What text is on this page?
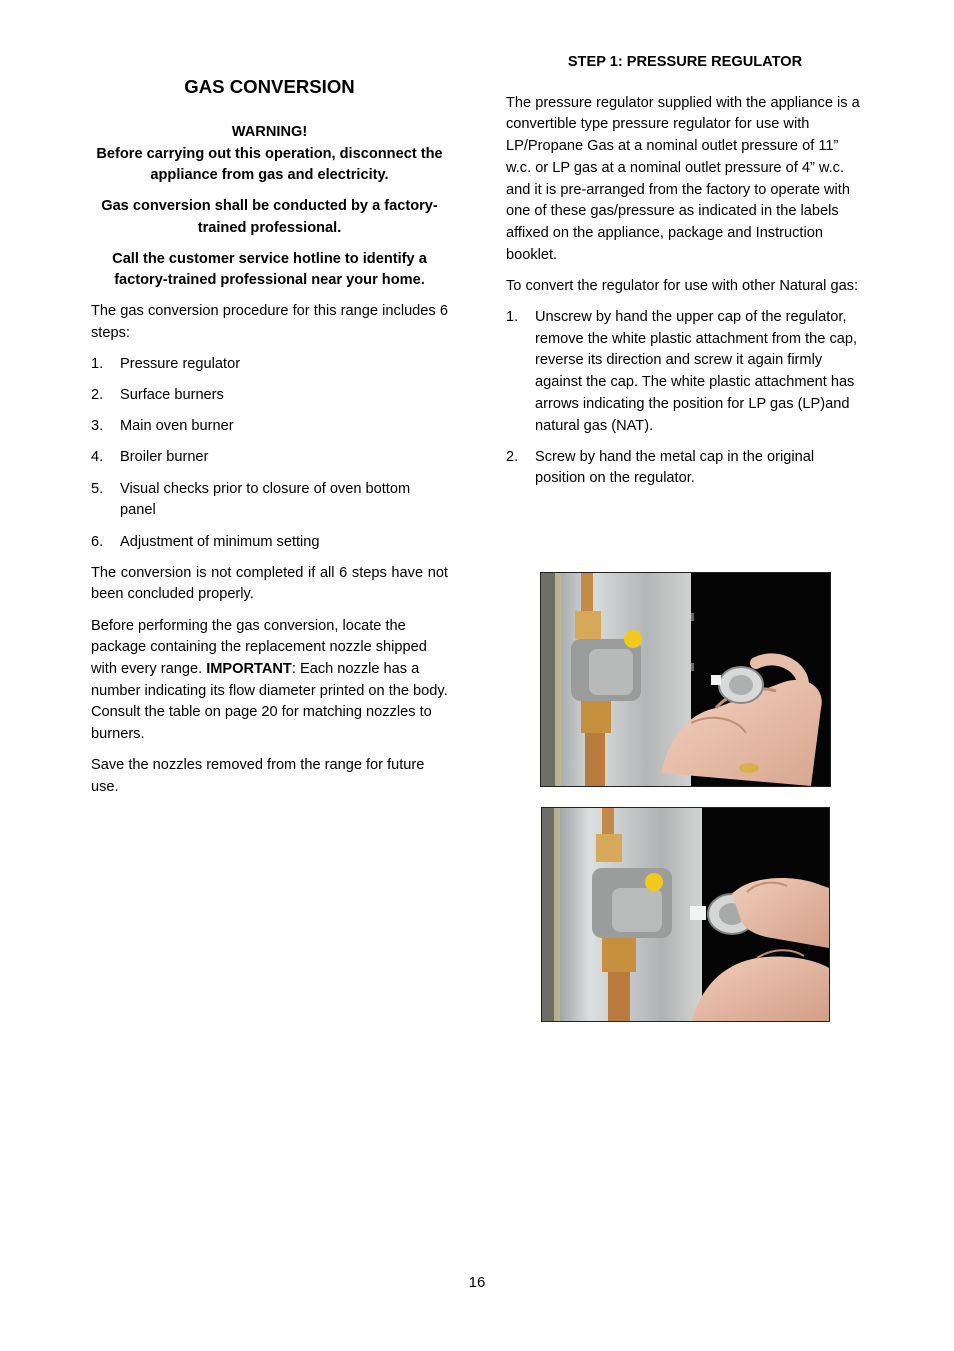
GAS CONVERSION
WARNING!
Before carrying out this operation, disconnect the appliance from gas and electricity.
Gas conversion shall be conducted by a factory-trained professional.
Call the customer service hotline to identify a factory-trained professional near your home.

The gas conversion procedure for this range includes 6 steps:

1.	Pressure regulator
2.	Surface burners
3.	Main oven burner
4.	Broiler burner
5.	Visual checks prior to closure of oven bottom panel
6.	Adjustment of minimum setting

The conversion is not completed if all 6 steps have not been concluded properly.

Before performing the gas conversion, locate the package containing the replacement nozzle shipped with every range. IMPORTANT: Each nozzle has a number indicating its flow diameter printed on the body. Consult the table on page 20 for matching nozzles to burners.

Save the nozzles removed from the range for future use.

STEP 1: PRESSURE REGULATOR

The pressure regulator supplied with the appliance is a convertible type pressure regulator for use with LP/Propane Gas at a nominal outlet pressure of 11” w.c. or LP gas at a nominal outlet pressure of 4” w.c. and it is pre-arranged from the factory to operate with one of these gas/pressure as indicated in the labels affixed on the appliance, package and Instruction booklet.

To convert the regulator for use with other Natural gas:

1.	Unscrew by hand the upper cap of the regulator, remove the white plastic attachment from the cap, reverse its direction and screw it again firmly against the cap. The white plastic attachment has arrows indicating the position for LP gas (LP)and natural gas (NAT).
2.	Screw by hand the metal cap in the original position on the regulator.
16
